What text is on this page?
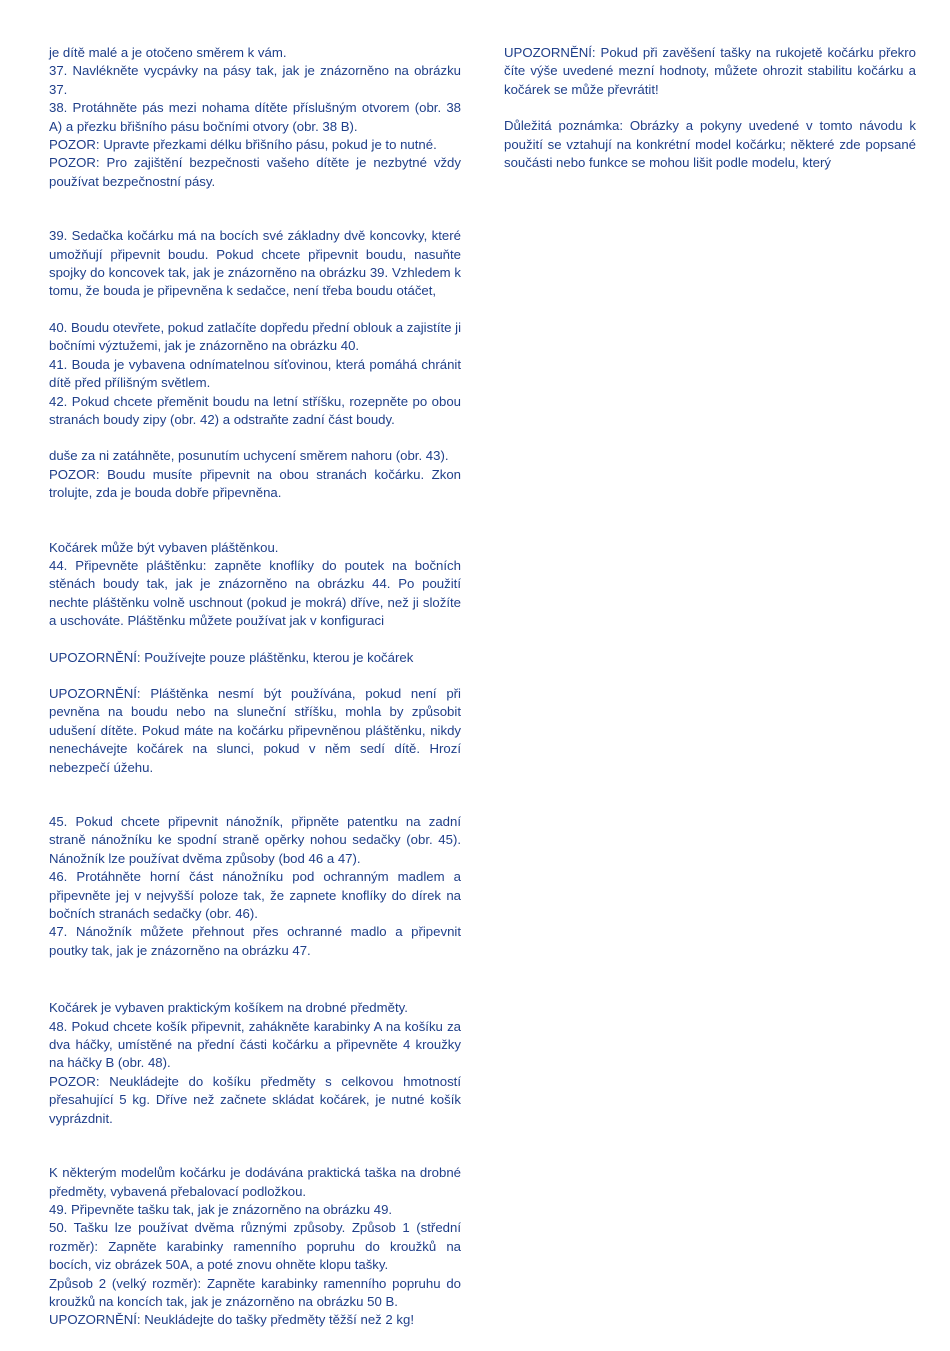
je dítě malé a je otočeno směrem k vám.

37. Navlékněte vycpávky na pásy tak, jak je znázorněno na obrázku 37.

38. Protáhněte pás mezi nohama dítěte příslušným otvorem (obr. 38 A) a přezku břišního pásu bočními otvory (obr. 38 B).

POZOR: Upravte přezkami délku břišního pásu, pokud je to nutné.

POZOR: Pro zajištění bezpečnosti vašeho dítěte je nezbytné vždy používat bezpečnostní pásy.

39. Sedačka kočárku má na bocích své základny dvě koncovky, které umožňují připevnit boudu. Pokud chcete připevnit boudu, nasuňte spojky do koncovek tak, jak je znázorněno na obrázku 39. Vzhledem k tomu, že bouda je připevněna k sedačce, není třeba boudu otáčet,

40. Boudu otevřete, pokud zatlačíte dopředu přední oblouk a zajistíte ji bočními výztužemi, jak je znázorněno na obrázku 40.

41. Bouda je vybavena odnímatelnou síťovinou, která pomáhá chránit dítě před přílišným světlem.

42. Pokud chcete přeměnit boudu na letní stříšku, rozepněte po obou stranách boudy zipy (obr. 42) a odstraňte zadní část boudy.

duše za ni zatáhněte, posunutím uchycení směrem nahoru (obr. 43).

POZOR: Boudu musíte připevnit na obou stranách kočárku. Zkon trolujte, zda je bouda dobře připevněna.

Kočárek může být vybaven pláštěnkou.

44. Připevněte pláštěnku: zapněte knoflíky do poutek na bočních stěnách boudy tak, jak je znázorněno na obrázku 44. Po použití nechte pláštěnku volně uschnout (pokud je mokrá) dříve, než ji složíte a uschováte. Pláštěnku můžete používat jak v konfiguraci

UPOZORNĚNÍ: Používejte pouze pláštěnku, kterou je kočárek

UPOZORNĚNÍ: Pláštěnka nesmí být používána, pokud není při pevněna na boudu nebo na sluneční stříšku, mohla by způsobit udušení dítěte. Pokud máte na kočárku připevněnou pláštěnku, nikdy nenechávejte kočárek na slunci, pokud v něm sedí dítě. Hrozí nebezpečí úžehu.

45. Pokud chcete připevnit nánožník, připněte patentku na zadní straně nánožníku ke spodní straně opěrky nohou sedačky (obr. 45). Nánožník lze používat dvěma způsoby (bod 46 a 47).

46. Protáhněte horní část nánožníku pod ochranným madlem a připevněte jej v nejvyšší poloze tak, že zapnete knoflíky do dírek na bočních stranách sedačky (obr. 46).

47. Nánožník můžete přehnout přes ochranné madlo a připevnit poutky tak, jak je znázorněno na obrázku 47.

Kočárek je vybaven praktickým košíkem na drobné předměty.

48. Pokud chcete košík připevnit, zahákněte karabinky A na košíku za dva háčky, umístěné na přední části kočárku a připevněte 4 kroužky na háčky B (obr. 48).

POZOR: Neukládejte do košíku předměty s celkovou hmotností přesahující 5 kg. Dříve než začnete skládat kočárek, je nutné košík vyprázdnit.

K některým modelům kočárku je dodávána praktická taška na drobné předměty, vybavená přebalovací podložkou.

49. Připevněte tašku tak, jak je znázorněno na obrázku 49.

50. Tašku lze používat dvěma různými způsoby. Způsob 1 (střední rozměr): Zapněte karabinky ramenního popruhu do kroužků na bocích, viz obrázek 50A, a poté znovu ohněte klopu tašky.

Způsob 2 (velký rozměr): Zapněte karabinky ramenního popruhu do kroužků na koncích tak, jak je znázorněno na obrázku 50 B.

UPOZORNĚNÍ: Neukládejte do tašky předměty těžší než 2 kg!

UPOZORNĚNÍ: Pokud při zavěšení tašky na rukojetě kočárku překro číte výše uvedené mezní hodnoty, můžete ohrozit stabilitu kočárku a kočárek se může převrátit!

Důležitá poznámka: Obrázky a pokyny uvedené v tomto návodu k použití se vztahují na konkrétní model kočárku; některé zde popsané součásti nebo funkce se mohou lišit podle modelu, který
